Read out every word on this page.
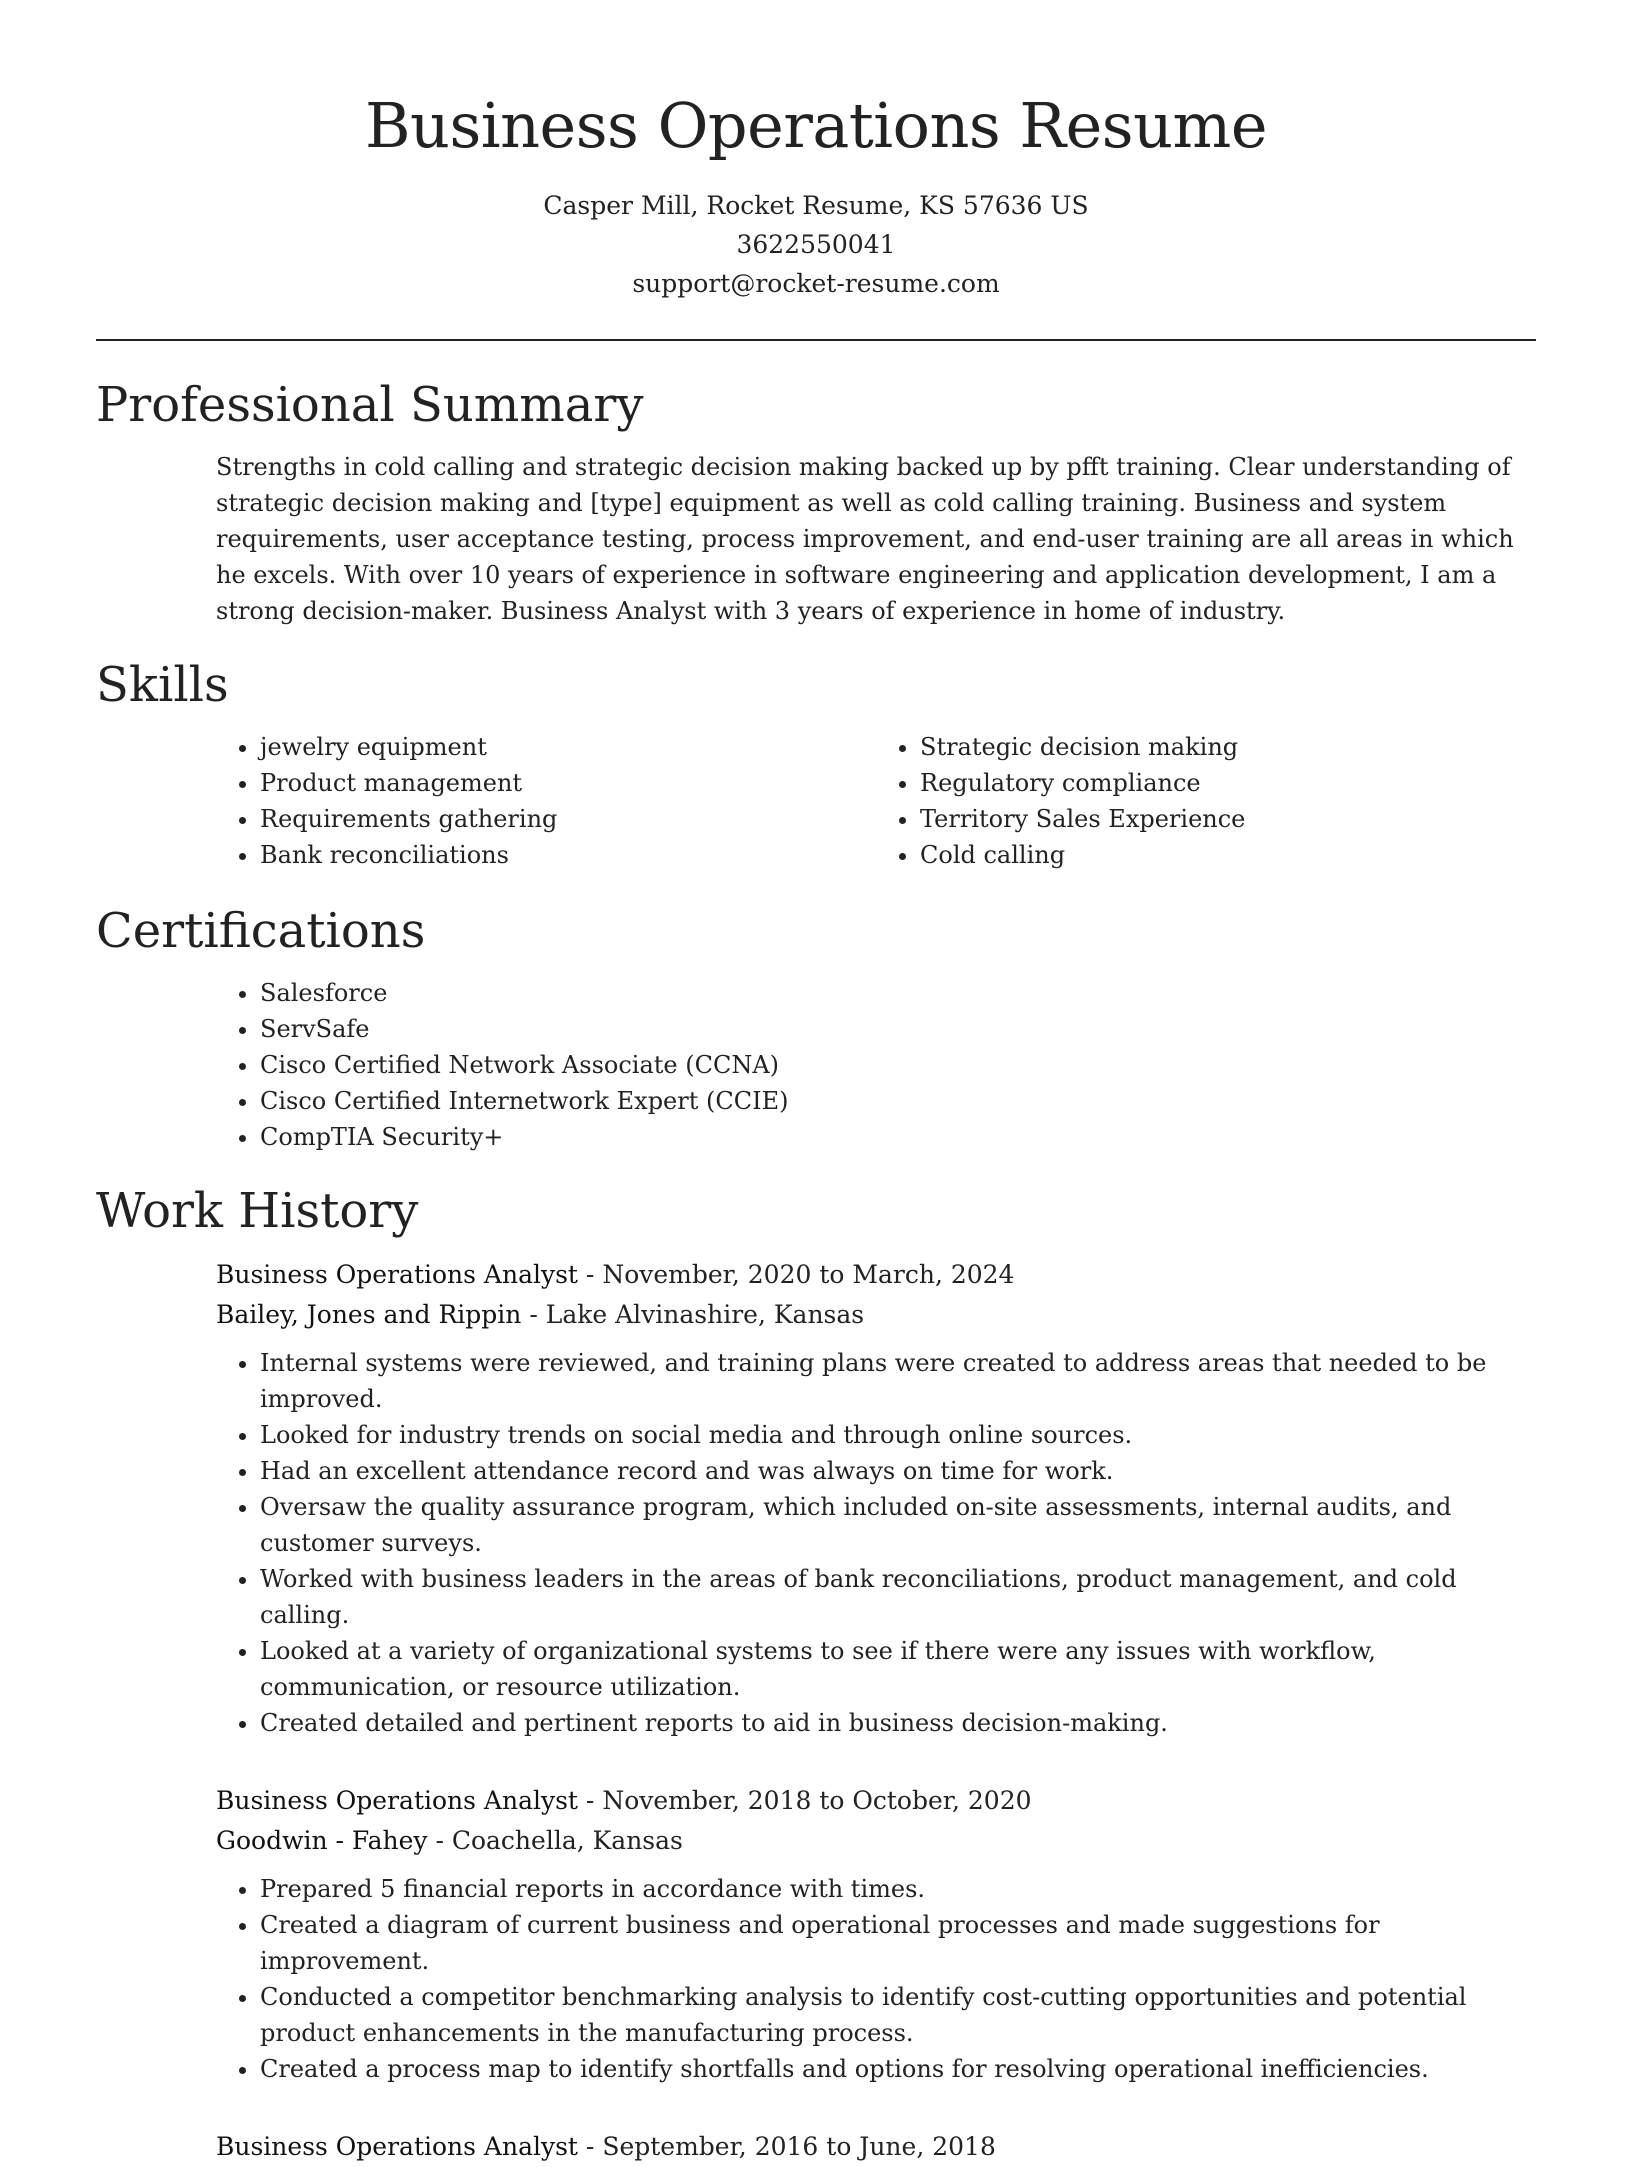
Business Operations Resume
Casper Mill, Rocket Resume, KS 57636 US
3622550041
support@rocket-resume.com
Professional Summary

Strengths in cold calling and strategic decision making backed up by pfft training. Clear understanding of strategic decision making and [type] equipment as well as cold calling training. Business and system requirements, user acceptance testing, process improvement, and end-user training are all areas in which he excels. With over 10 years of experience in software engineering and application development, I am a strong decision-maker. Business Analyst with 3 years of experience in home of industry.

Skills
• jewelry equipment
• Product management
• Requirements gathering
• Bank reconciliations
• Strategic decision making
• Regulatory compliance
• Territory Sales Experience
• Cold calling
Certifications
• Salesforce
• ServSafe
• Cisco Certified Network Associate (CCNA)
• Cisco Certified Internetwork Expert (CCIE)
• CompTIA Security+
Work History
Business Operations Analyst - November, 2020 to March, 2024
Bailey, Jones and Rippin - Lake Alvinashire, Kansas
• Internal systems were reviewed, and training plans were created to address areas that needed to be improved.
• Looked for industry trends on social media and through online sources.
• Had an excellent attendance record and was always on time for work.
• Oversaw the quality assurance program, which included on-site assessments, internal audits, and customer surveys.
• Worked with business leaders in the areas of bank reconciliations, product management, and cold calling.
• Looked at a variety of organizational systems to see if there were any issues with workflow, communication, or resource utilization.
• Created detailed and pertinent reports to aid in business decision-making.
Business Operations Analyst - November, 2018 to October, 2020
Goodwin - Fahey - Coachella, Kansas
• Prepared 5 financial reports in accordance with times.
• Created a diagram of current business and operational processes and made suggestions for improvement.
• Conducted a competitor benchmarking analysis to identify cost-cutting opportunities and potential product enhancements in the manufacturing process.
• Created a process map to identify shortfalls and options for resolving operational inefficiencies.
Business Operations Analyst - September, 2016 to June, 2018
